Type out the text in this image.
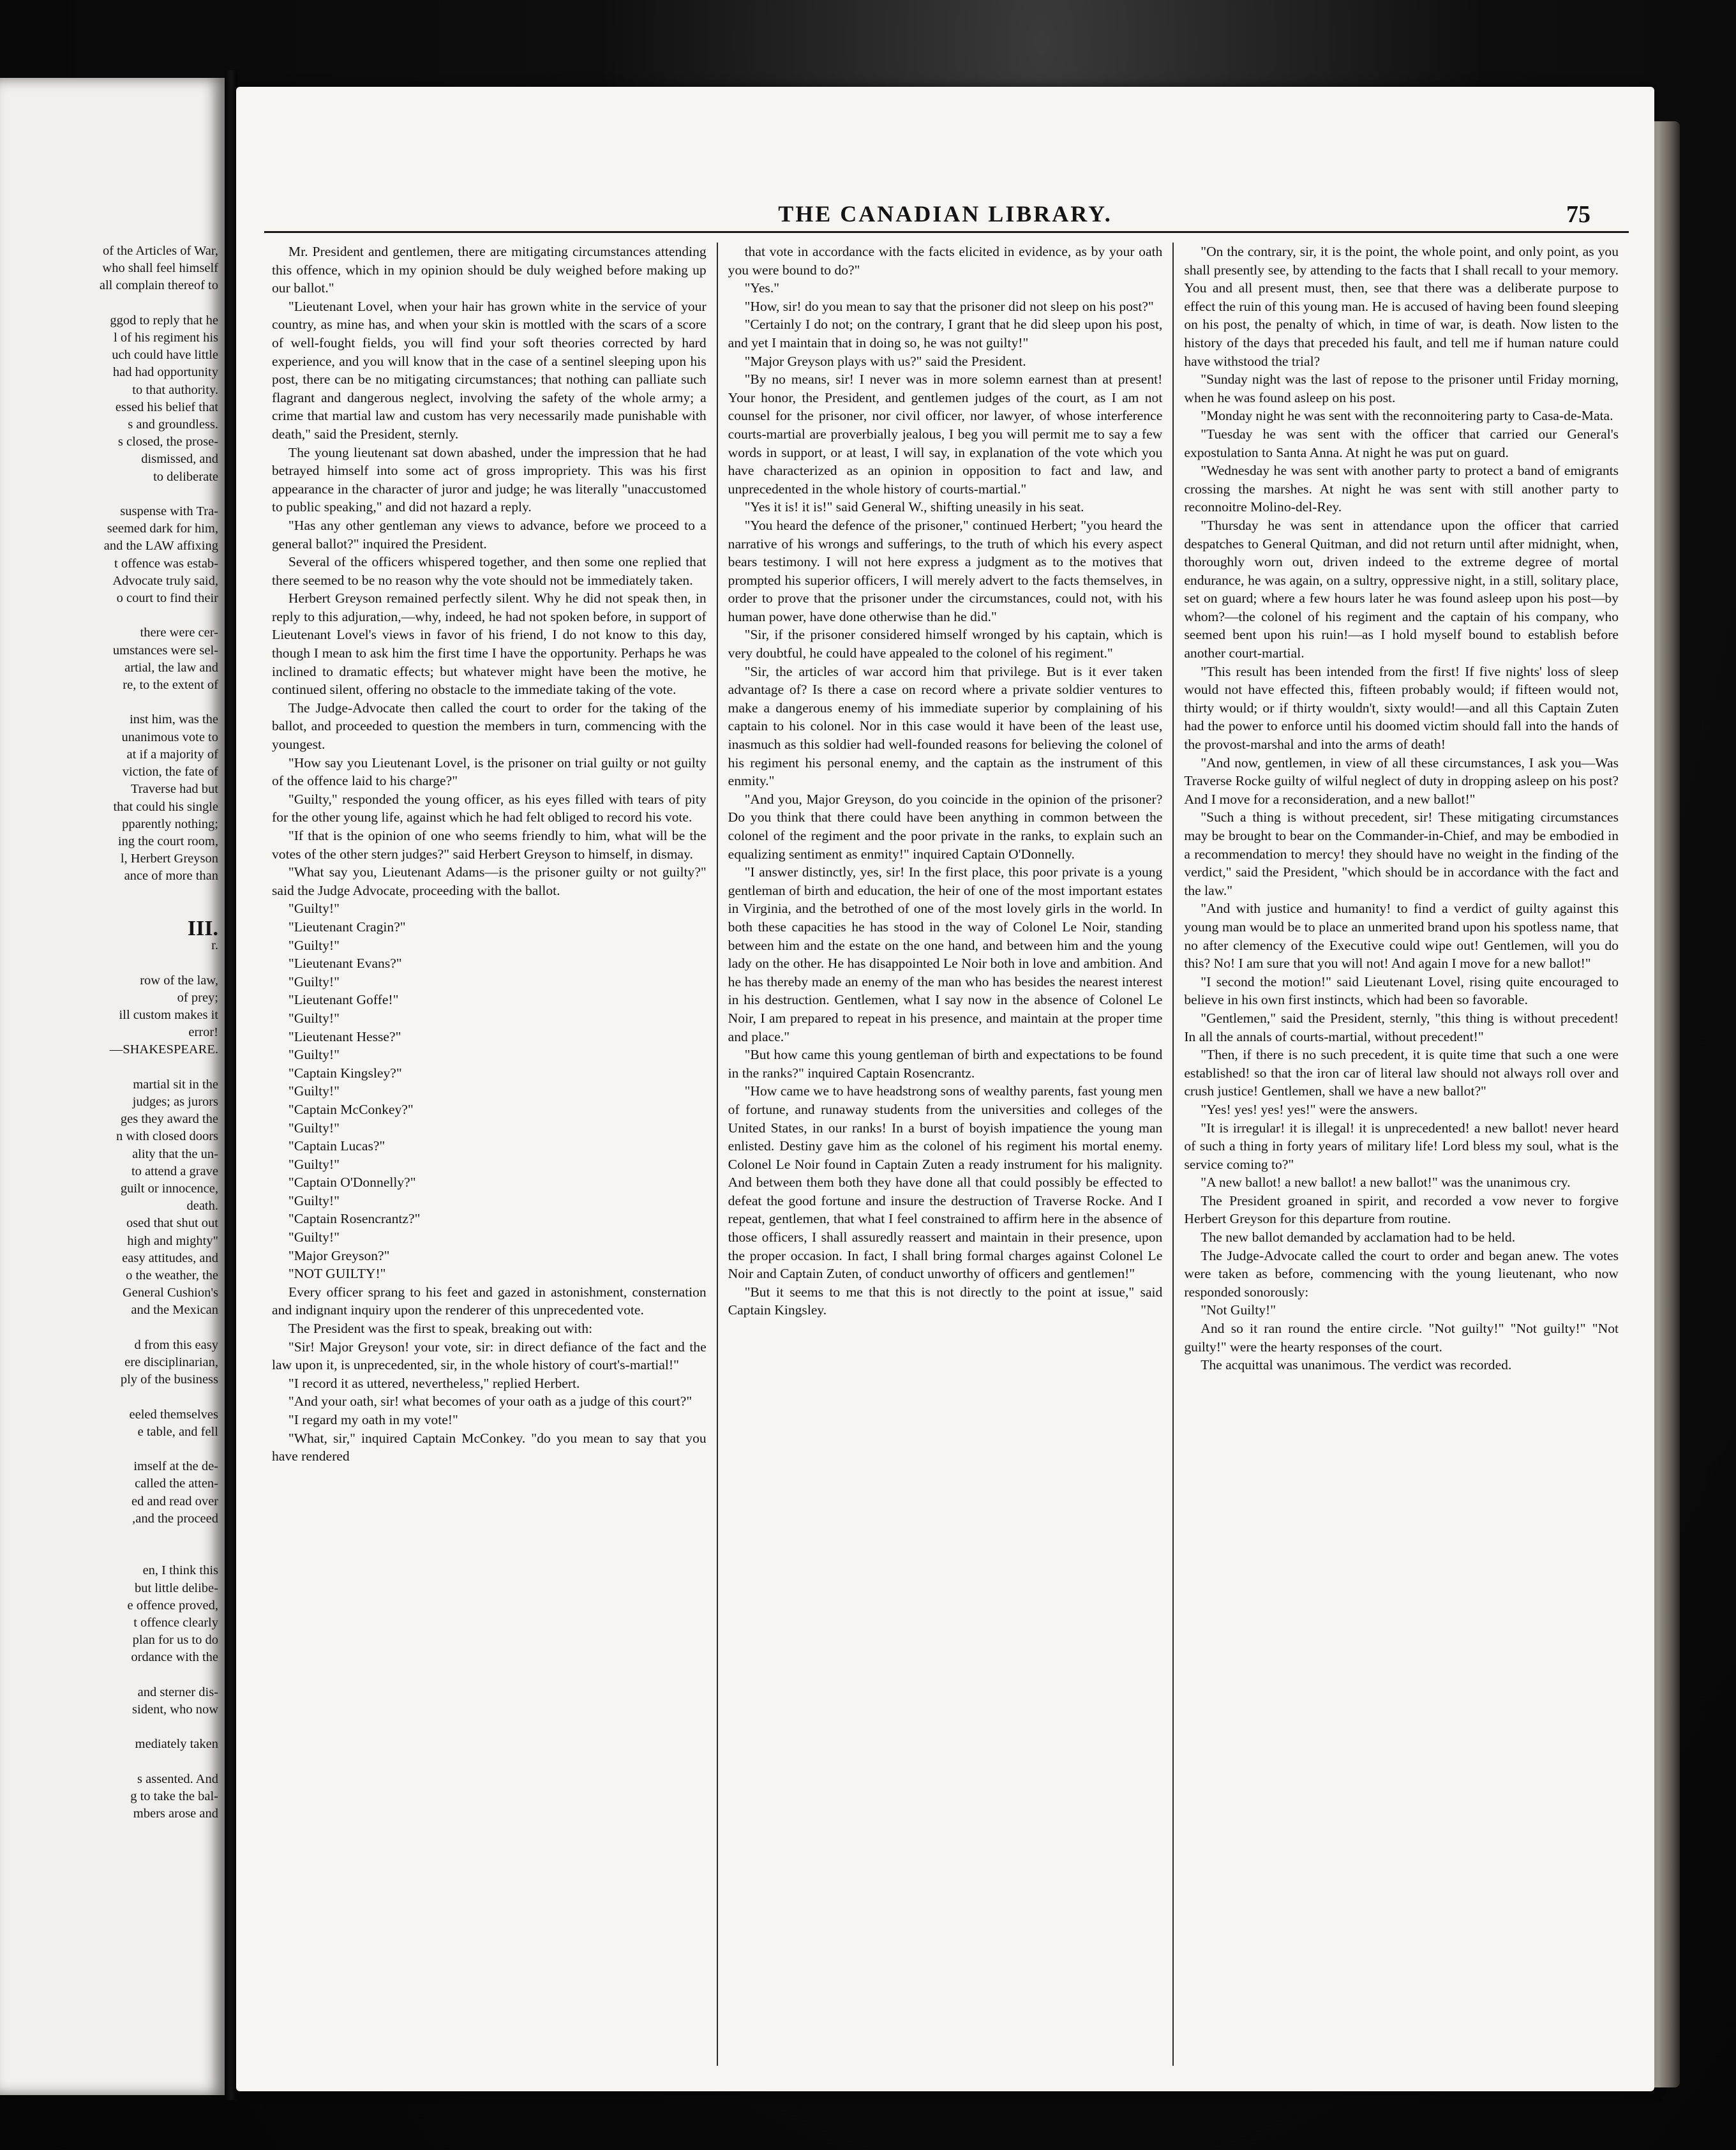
of the Articles of War,
who shall feel himself
all complain thereof to

ggod to reply that he
l of his regiment his
uch could have little
had had opportunity
to that authority.
essed his belief that
s and groundless.
s closed, the prose-
dismissed, and
to deliberate

suspense with Tra-
seemed dark for him,
and the LAW affixing
t offence was estab-
Advocate truly said,
o court to find their

there were cer-
umstances were sel-
artial, the law and
re, to the extent of

inst him, was the
unanimous vote to
at if a majority of
viction, the fate of
Traverse had but
that could his single
pparently nothing;
ing the court room,
l, Herbert Greyson
ance of more than

III.
r.

row of the law,
of prey;
ill custom makes it
error!
—SHAKESPEARE.

martial sit in the
judges; as jurors
ges they award the
n with closed doors
ality that the un-
to attend a grave
guilt or innocence,
death.
osed that shut out
high and mighty"
easy attitudes, and
o the weather, the
General Cushion's
and the Mexican

d from this easy
ere disciplinarian,
ply of the business

eeled themselves
e table, and fell

imself at the de-
called the atten-
ed and read over
,and the proceed

en, I think this
but little delibe-
e offence proved,
t offence clearly
plan for us to do
ordance with the

and sterner dis-
sident, who now

mediately taken

s assented. And
g to take the bal-
mbers arose and
THE CANADIAN LIBRARY.	75

Mr. President and gentlemen, there are mitigating circumstances attending this offence, which in my opinion should be duly weighed before making up our ballot."

"Lieutenant Lovel, when your hair has grown white in the service of your country, as mine has, and when your skin is mottled with the scars of a score of well-fought fields, you will find your soft theories corrected by hard experience, and you will know that in the case of a sentinel sleeping upon his post, there can be no mitigating circumstances; that nothing can palliate such flagrant and dangerous neglect, involving the safety of the whole army; a crime that martial law and custom has very necessarily made punishable with death," said the President, sternly.

The young lieutenant sat down abashed, under the impression that he had betrayed himself into some act of gross impropriety. This was his first appearance in the character of juror and judge; he was literally "unaccustomed to public speaking," and did not hazard a reply.

"Has any other gentleman any views to advance, before we proceed to a general ballot?" inquired the President.

Several of the officers whispered together, and then some one replied that there seemed to be no reason why the vote should not be immediately taken.

Herbert Greyson remained perfectly silent. Why he did not speak then, in reply to this adjuration,—why, indeed, he had not spoken before, in support of Lieutenant Lovel's views in favor of his friend, I do not know to this day, though I mean to ask him the first time I have the opportunity. Perhaps he was inclined to dramatic effects; but whatever might have been the motive, he continued silent, offering no obstacle to the immediate taking of the vote.

The Judge-Advocate then called the court to order for the taking of the ballot, and proceeded to question the members in turn, commencing with the youngest.

"How say you Lieutenant Lovel, is the prisoner on trial guilty or not guilty of the offence laid to his charge?"

"Guilty," responded the young officer, as his eyes filled with tears of pity for the other young life, against which he had felt obliged to record his vote.

"If that is the opinion of one who seems friendly to him, what will be the votes of the other stern judges?" said Herbert Greyson to himself, in dismay.

"What say you, Lieutenant Adams—is the prisoner guilty or not guilty?" said the Judge Advocate, proceeding with the ballot.

"Guilty!"

"Lieutenant Cragin?"

"Guilty!"

"Lieutenant Evans?"

"Guilty!"

"Lieutenant Goffe!"

"Guilty!"

"Lieutenant Hesse?"

"Guilty!"

"Captain Kingsley?"

"Guilty!"

"Captain McConkey?"

"Guilty!"

"Captain Lucas?"

"Guilty!"

"Captain O'Donnelly?"

"Guilty!"

"Captain Rosencrantz?"

"Guilty!"

"Major Greyson?"

"NOT GUILTY!"

Every officer sprang to his feet and gazed in astonishment, consternation and indignant inquiry upon the renderer of this unprecedented vote.

The President was the first to speak, breaking out with:

"Sir! Major Greyson! your vote, sir: in direct defiance of the fact and the law upon it, is unprecedented, sir, in the whole history of court's-martial!"

"I record it as uttered, nevertheless," replied Herbert.

"And your oath, sir! what becomes of your oath as a judge of this court?"

"I regard my oath in my vote!"

"What, sir," inquired Captain McConkey. "do you mean to say that you have rendered

that vote in accordance with the facts elicited in evidence, as by your oath you were bound to do?"

"Yes."

"How, sir! do you mean to say that the prisoner did not sleep on his post?"

"Certainly I do not; on the contrary, I grant that he did sleep upon his post, and yet I maintain that in doing so, he was not guilty!"

"Major Greyson plays with us?" said the President.

"By no means, sir! I never was in more solemn earnest than at present! Your honor, the President, and gentlemen judges of the court, as I am not counsel for the prisoner, nor civil officer, nor lawyer, of whose interference courts-martial are proverbially jealous, I beg you will permit me to say a few words in support, or at least, I will say, in explanation of the vote which you have characterized as an opinion in opposition to fact and law, and unprecedented in the whole history of courts-martial."

"Yes it is! it is!" said General W., shifting uneasily in his seat.

"You heard the defence of the prisoner," continued Herbert; "you heard the narrative of his wrongs and sufferings, to the truth of which his every aspect bears testimony. I will not here express a judgment as to the motives that prompted his superior officers, I will merely advert to the facts themselves, in order to prove that the prisoner under the circumstances, could not, with his human power, have done otherwise than he did."

"Sir, if the prisoner considered himself wronged by his captain, which is very doubtful, he could have appealed to the colonel of his regiment."

"Sir, the articles of war accord him that privilege. But is it ever taken advantage of? Is there a case on record where a private soldier ventures to make a dangerous enemy of his immediate superior by complaining of his captain to his colonel. Nor in this case would it have been of the least use, inasmuch as this soldier had well-founded reasons for believing the colonel of his regiment his personal enemy, and the captain as the instrument of this enmity."

"And you, Major Greyson, do you coincide in the opinion of the prisoner? Do you think that there could have been anything in common between the colonel of the regiment and the poor private in the ranks, to explain such an equalizing sentiment as enmity!" inquired Captain O'Donnelly.

"I answer distinctly, yes, sir! In the first place, this poor private is a young gentleman of birth and education, the heir of one of the most important estates in Virginia, and the betrothed of one of the most lovely girls in the world. In both these capacities he has stood in the way of Colonel Le Noir, standing between him and the estate on the one hand, and between him and the young lady on the other. He has disappointed Le Noir both in love and ambition. And he has thereby made an enemy of the man who has besides the nearest interest in his destruction. Gentlemen, what I say now in the absence of Colonel Le Noir, I am prepared to repeat in his presence, and maintain at the proper time and place."

"But how came this young gentleman of birth and expectations to be found in the ranks?" inquired Captain Rosencrantz.

"How came we to have headstrong sons of wealthy parents, fast young men of fortune, and runaway students from the universities and colleges of the United States, in our ranks! In a burst of boyish impatience the young man enlisted. Destiny gave him as the colonel of his regiment his mortal enemy. Colonel Le Noir found in Captain Zuten a ready instrument for his malignity. And between them both they have done all that could possibly be effected to defeat the good fortune and insure the destruction of Traverse Rocke. And I repeat, gentlemen, that what I feel constrained to affirm here in the absence of those officers, I shall assuredly reassert and maintain in their presence, upon the proper occasion. In fact, I shall bring formal charges against Colonel Le Noir and Captain Zuten, of conduct unworthy of officers and gentlemen!"

"But it seems to me that this is not directly to the point at issue," said Captain Kingsley.

"On the contrary, sir, it is the point, the whole point, and only point, as you shall presently see, by attending to the facts that I shall recall to your memory. You and all present must, then, see that there was a deliberate purpose to effect the ruin of this young man. He is accused of having been found sleeping on his post, the penalty of which, in time of war, is death. Now listen to the history of the days that preceded his fault, and tell me if human nature could have withstood the trial?

"Sunday night was the last of repose to the prisoner until Friday morning, when he was found asleep on his post.

"Monday night he was sent with the reconnoitering party to Casa-de-Mata.

"Tuesday he was sent with the officer that carried our General's expostulation to Santa Anna. At night he was put on guard.

"Wednesday he was sent with another party to protect a band of emigrants crossing the marshes. At night he was sent with still another party to reconnoitre Molino-del-Rey.

"Thursday he was sent in attendance upon the officer that carried despatches to General Quitman, and did not return until after midnight, when, thoroughly worn out, driven indeed to the extreme degree of mortal endurance, he was again, on a sultry, oppressive night, in a still, solitary place, set on guard; where a few hours later he was found asleep upon his post—by whom?—the colonel of his regiment and the captain of his company, who seemed bent upon his ruin!—as I hold myself bound to establish before another court-martial.

"This result has been intended from the first! If five nights' loss of sleep would not have effected this, fifteen probably would; if fifteen would not, thirty would; or if thirty wouldn't, sixty would!—and all this Captain Zuten had the power to enforce until his doomed victim should fall into the hands of the provost-marshal and into the arms of death!

"And now, gentlemen, in view of all these circumstances, I ask you—Was Traverse Rocke guilty of wilful neglect of duty in dropping asleep on his post? And I move for a reconsideration, and a new ballot!"

"Such a thing is without precedent, sir! These mitigating circumstances may be brought to bear on the Commander-in-Chief, and may be embodied in a recommendation to mercy! they should have no weight in the finding of the verdict," said the President, "which should be in accordance with the fact and the law."

"And with justice and humanity! to find a verdict of guilty against this young man would be to place an unmerited brand upon his spotless name, that no after clemency of the Executive could wipe out! Gentlemen, will you do this? No! I am sure that you will not! And again I move for a new ballot!"

"I second the motion!" said Lieutenant Lovel, rising quite encouraged to believe in his own first instincts, which had been so favorable.

"Gentlemen," said the President, sternly, "this thing is without precedent! In all the annals of courts-martial, without precedent!"

"Then, if there is no such precedent, it is quite time that such a one were established! so that the iron car of literal law should not always roll over and crush justice! Gentlemen, shall we have a new ballot?"

"Yes! yes! yes! yes!" were the answers.

"It is irregular! it is illegal! it is unprecedented! a new ballot! never heard of such a thing in forty years of military life! Lord bless my soul, what is the service coming to?"

"A new ballot! a new ballot! a new ballot!" was the unanimous cry.

The President groaned in spirit, and recorded a vow never to forgive Herbert Greyson for this departure from routine.

The new ballot demanded by acclamation had to be held.

The Judge-Advocate called the court to order and began anew. The votes were taken as before, commencing with the young lieutenant, who now responded sonorously:

"Not Guilty!"

And so it ran round the entire circle. "Not guilty!" "Not guilty!" "Not guilty!" were the hearty responses of the court.

The acquittal was unanimous. The verdict was recorded.
